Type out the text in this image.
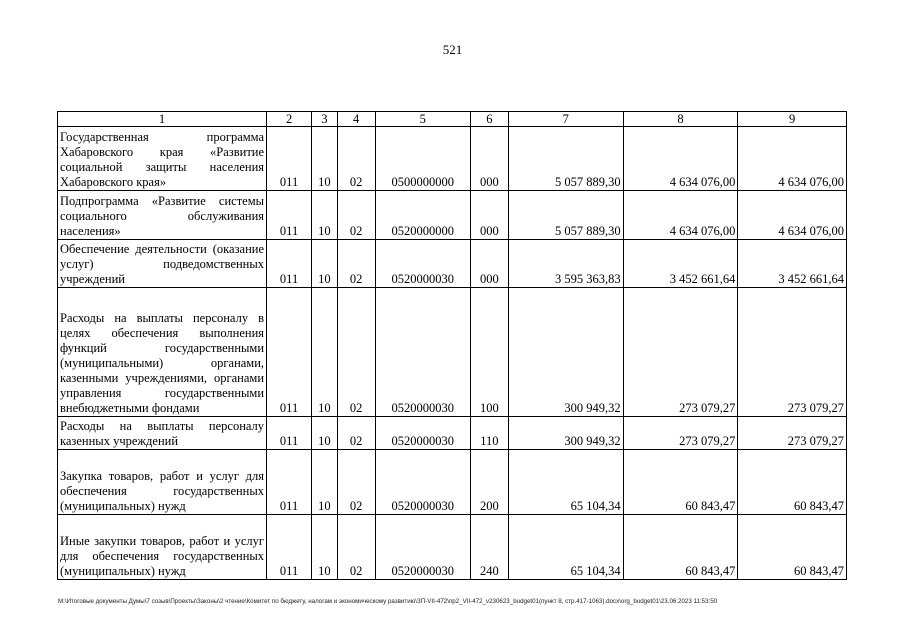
521
1	2	3	4	5	6	7	8	9
Государственная программа Хабаровского края «Развитие социальной защиты населения Хабаровского края»	011	10	02	0500000000	000	5 057 889,30	4 634 076,00	4 634 076,00
Подпрограмма «Развитие системы социального обслуживания населения»	011	10	02	0520000000	000	5 057 889,30	4 634 076,00	4 634 076,00
Обеспечение деятельности (оказание услуг) подведомственных учреждений	011	10	02	0520000030	000	3 595 363,83	3 452 661,64	3 452 661,64
Расходы на выплаты персоналу в целях обеспечения выполнения функций государственными (муниципальными) органами, казенными учреждениями, органами управления государственными внебюджетными фондами	011	10	02	0520000030	100	300 949,32	273 079,27	273 079,27
Расходы на выплаты персоналу казенных учреждений	011	10	02	0520000030	110	300 949,32	273 079,27	273 079,27
Закупка товаров, работ и услуг для обеспечения государственных (муниципальных) нужд	011	10	02	0520000030	200	65 104,34	60 843,47	60 843,47
Иные закупки товаров, работ и услуг для обеспечения государственных (муниципальных) нужд	011	10	02	0520000030	240	65 104,34	60 843,47	60 843,47
M:\Итоговые документы Думы\7 созыв\Проекты\Законы\2 чтение\Комитет по бюджету, налогам и экономическому развитию\ЗП-VII-472\пр2_VII-472_v230623_budget01(пункт 8, стр.417-1063).docx\org_budget01\23.06.2023 11:53:50
